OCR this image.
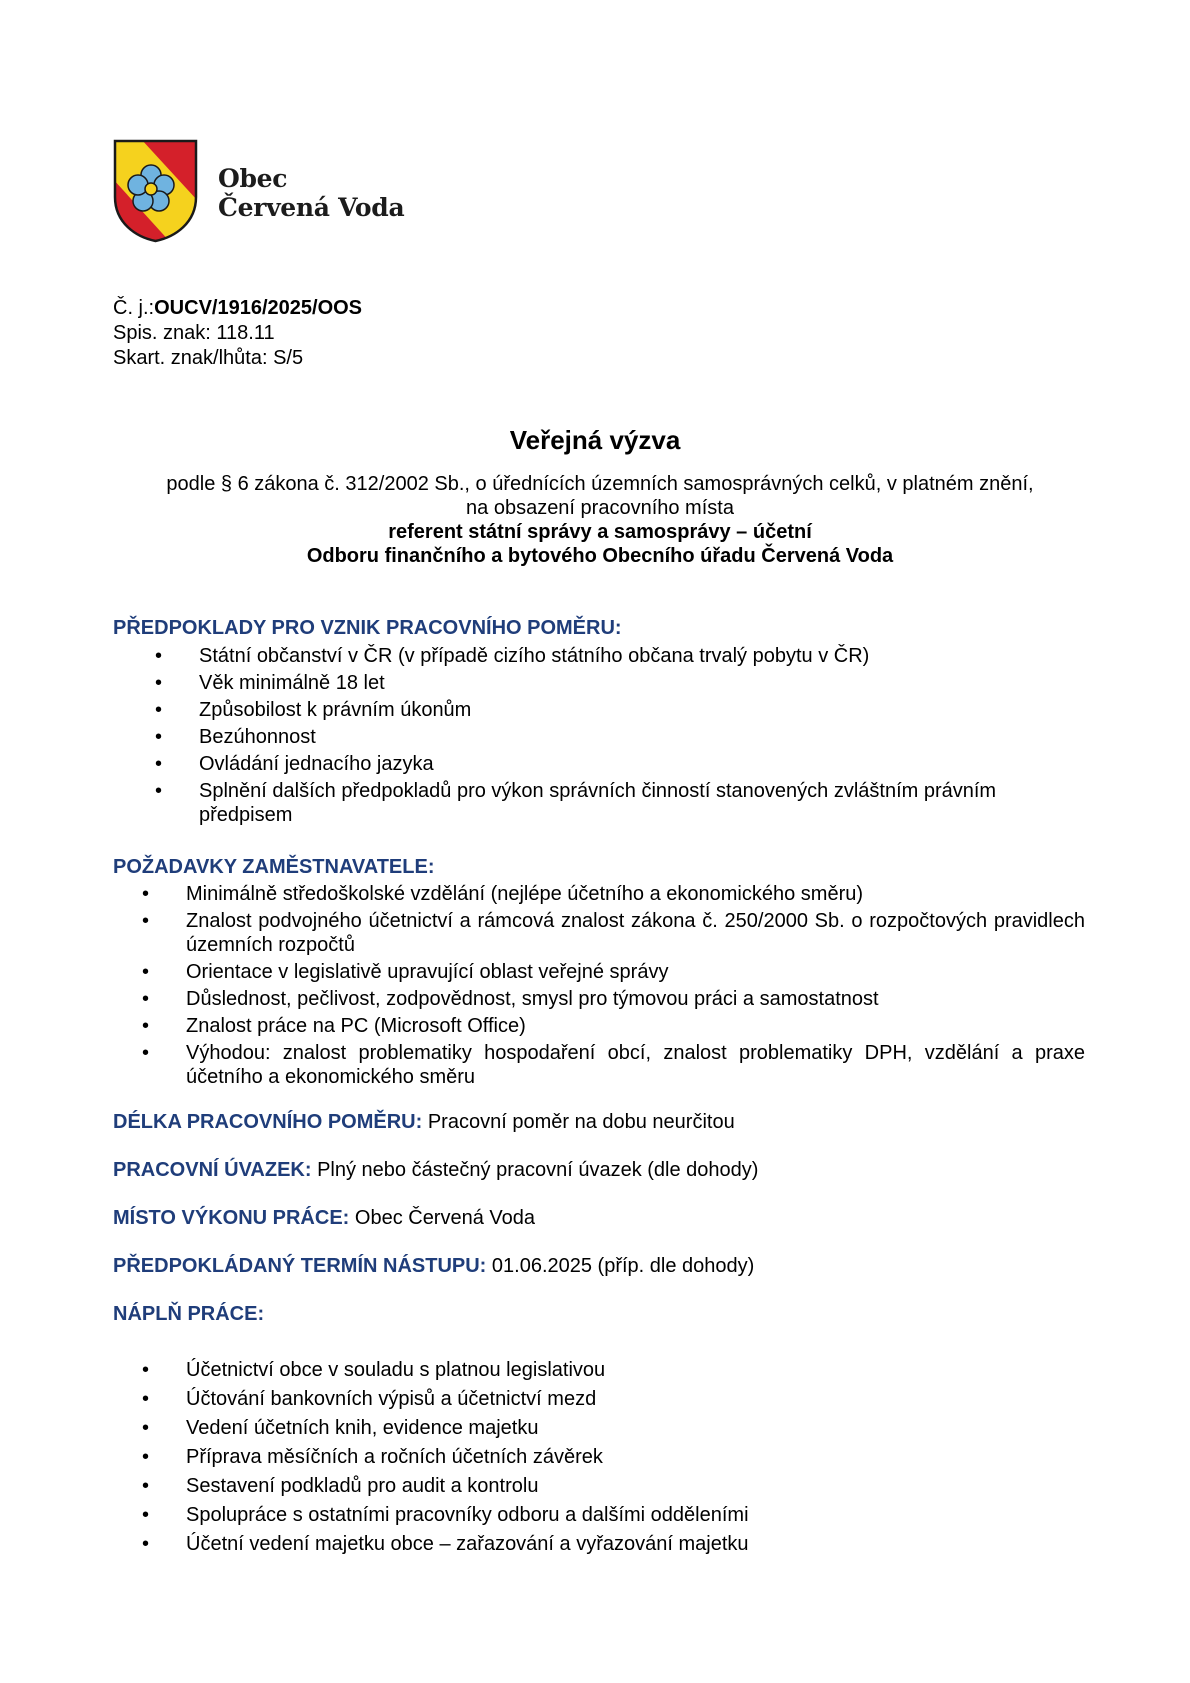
Obec
Červená Voda
Č. j.:OUCV/1916/2025/OOS
Spis. znak: 118.11
Skart. znak/lhůta: S/5
Veřejná výzva
podle § 6 zákona č. 312/2002 Sb., o úřednících územních samosprávných celků, v platném znění,
na obsazení pracovního místa
referent státní správy a samosprávy – účetní
Odboru finančního a bytového Obecního úřadu Červená Voda
PŘEDPOKLADY PRO VZNIK PRACOVNÍHO POMĚRU:
• Státní občanství v ČR (v případě cizího státního občana trvalý pobytu v ČR)
• Věk minimálně 18 let
• Způsobilost k právním úkonům
• Bezúhonnost
• Ovládání jednacího jazyka
• Splnění dalších předpokladů pro výkon správních činností stanovených zvláštním právním předpisem
POŽADAVKY ZAMĚSTNAVATELE:
• Minimálně středoškolské vzdělání (nejlépe účetního a ekonomického směru)
• Znalost podvojného účetnictví a rámcová znalost zákona č. 250/2000 Sb. o rozpočtových pravidlech územních rozpočtů
• Orientace v legislativě upravující oblast veřejné správy
• Důslednost, pečlivost, zodpovědnost, smysl pro týmovou práci a samostatnost
• Znalost práce na PC (Microsoft Office)
• Výhodou: znalost problematiky hospodaření obcí, znalost problematiky DPH, vzdělání a praxe účetního a ekonomického směru
DÉLKA PRACOVNÍHO POMĚRU: Pracovní poměr na dobu neurčitou
PRACOVNÍ ÚVAZEK: Plný nebo částečný pracovní úvazek (dle dohody)
MÍSTO VÝKONU PRÁCE: Obec Červená Voda
PŘEDPOKLÁDANÝ TERMÍN NÁSTUPU: 01.06.2025 (příp. dle dohody)
NÁPLŇ PRÁCE:
• Účetnictví obce v souladu s platnou legislativou
• Účtování bankovních výpisů a účetnictví mezd
• Vedení účetních knih, evidence majetku
• Příprava měsíčních a ročních účetních závěrek
• Sestavení podkladů pro audit a kontrolu
• Spolupráce s ostatními pracovníky odboru a dalšími odděleními
• Účetní vedení majetku obce – zařazování a vyřazování majetku
